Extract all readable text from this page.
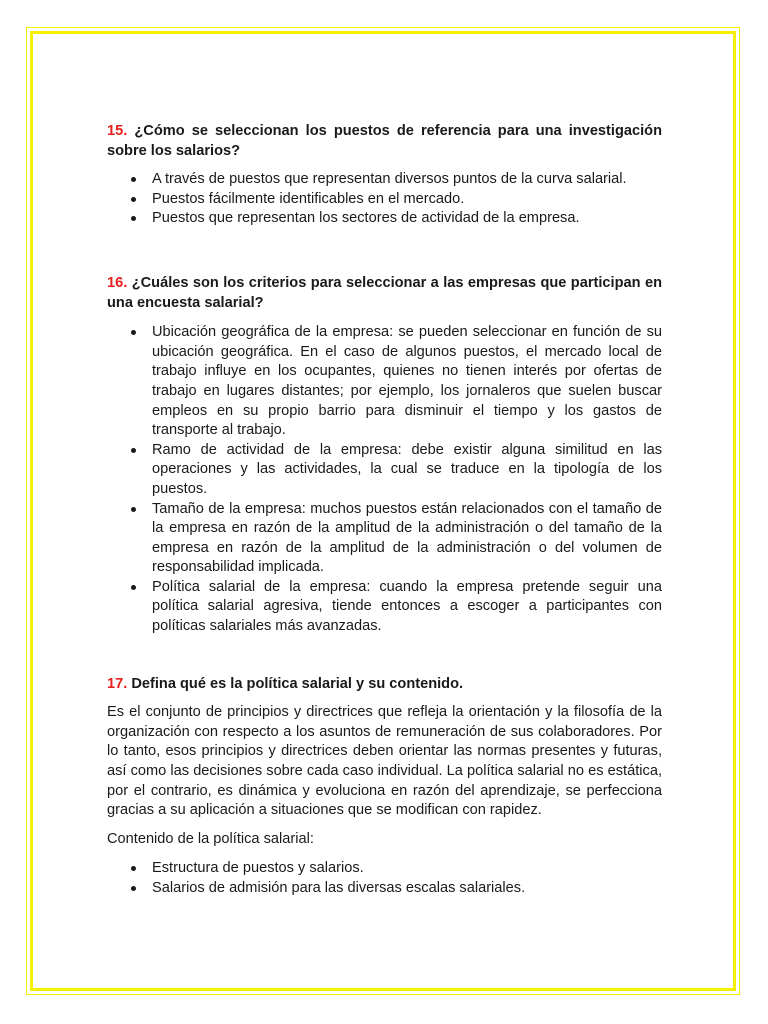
15. ¿Cómo se seleccionan los puestos de referencia para una investigación sobre los salarios?

A través de puestos que representan diversos puntos de la curva salarial.
Puestos fácilmente identificables en el mercado.
Puestos que representan los sectores de actividad de la empresa.

16. ¿Cuáles son los criterios para seleccionar a las empresas que participan en una encuesta salarial?

Ubicación geográfica de la empresa: se pueden seleccionar en función de su ubicación geográfica. En el caso de algunos puestos, el mercado local de trabajo influye en los ocupantes, quienes no tienen interés por ofertas de trabajo en lugares distantes; por ejemplo, los jornaleros que suelen buscar empleos en su propio barrio para disminuir el tiempo y los gastos de transporte al trabajo.
Ramo de actividad de la empresa: debe existir alguna similitud en las operaciones y las actividades, la cual se traduce en la tipología de los puestos.
Tamaño de la empresa: muchos puestos están relacionados con el tamaño de la empresa en razón de la amplitud de la administración o del tamaño de la empresa en razón de la amplitud de la administración o del volumen de responsabilidad implicada.
Política salarial de la empresa: cuando la empresa pretende seguir una política salarial agresiva, tiende entonces a escoger a participantes con políticas salariales más avanzadas.

17. Defina qué es la política salarial y su contenido.

Es el conjunto de principios y directrices que refleja la orientación y la filosofía de la organización con respecto a los asuntos de remuneración de sus colaboradores. Por lo tanto, esos principios y directrices deben orientar las normas presentes y futuras, así como las decisiones sobre cada caso individual. La política salarial no es estática, por el contrario, es dinámica y evoluciona en razón del aprendizaje, se perfecciona gracias a su aplicación a situaciones que se modifican con rapidez.

Contenido de la política salarial:

Estructura de puestos y salarios.
Salarios de admisión para las diversas escalas salariales.
